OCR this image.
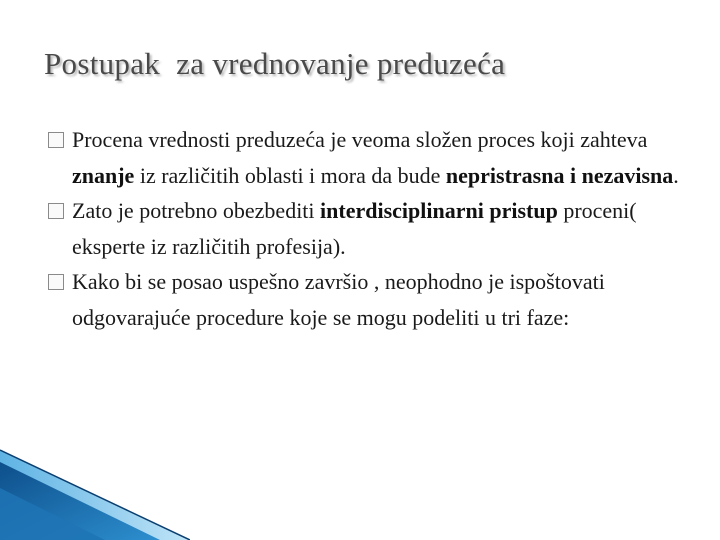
Postupak  za vrednovanje preduzeća
Procena vrednosti preduzeća je veoma složen proces koji zahteva znanje iz različitih oblasti i mora da bude nepristrasna i nezavisna.
Zato je potrebno obezbediti interdisciplinarni pristup proceni( eksperte iz različitih profesija).
Kako bi se posao uspešno završio , neophodno je ispoštovati odgovarajuće procedure koje se mogu podeliti u tri faze:
